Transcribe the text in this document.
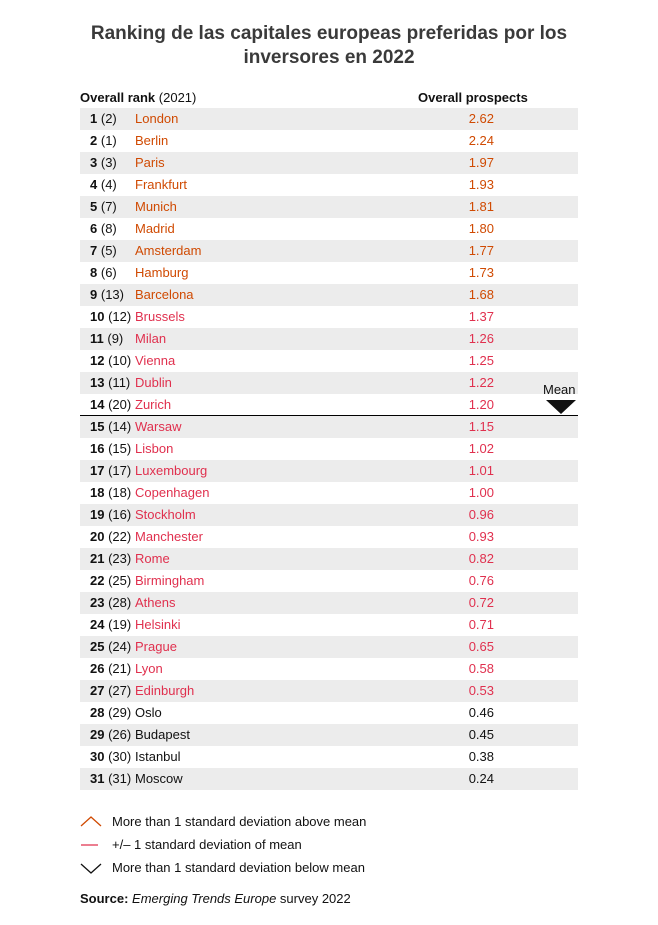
Ranking de las capitales europeas preferidas por los inversores en 2022
Overall rank (2021)	Overall prospects
1 (2) London	2.62
2 (1) Berlin	2.24
3 (3) Paris	1.97
4 (4) Frankfurt	1.93
5 (7) Munich	1.81
6 (8) Madrid	1.80
7 (5) Amsterdam	1.77
8 (6) Hamburg	1.73
9 (13) Barcelona	1.68
10 (12) Brussels	1.37
11 (9) Milan	1.26
12 (10) Vienna	1.25
13 (11) Dublin	1.22
14 (20) Zurich	1.20
15 (14) Warsaw	1.15
16 (15) Lisbon	1.02
17 (17) Luxembourg	1.01
18 (18) Copenhagen	1.00
19 (16) Stockholm	0.96
20 (22) Manchester	0.93
21 (23) Rome	0.82
22 (25) Birmingham	0.76
23 (28) Athens	0.72
24 (19) Helsinki	0.71
25 (24) Prague	0.65
26 (21) Lyon	0.58
27 (27) Edinburgh	0.53
28 (29) Oslo	0.46
29 (26) Budapest	0.45
30 (30) Istanbul	0.38
31 (31) Moscow	0.24
Mean
More than 1 standard deviation above mean
+/– 1 standard deviation of mean
More than 1 standard deviation below mean
Source: Emerging Trends Europe survey 2022
